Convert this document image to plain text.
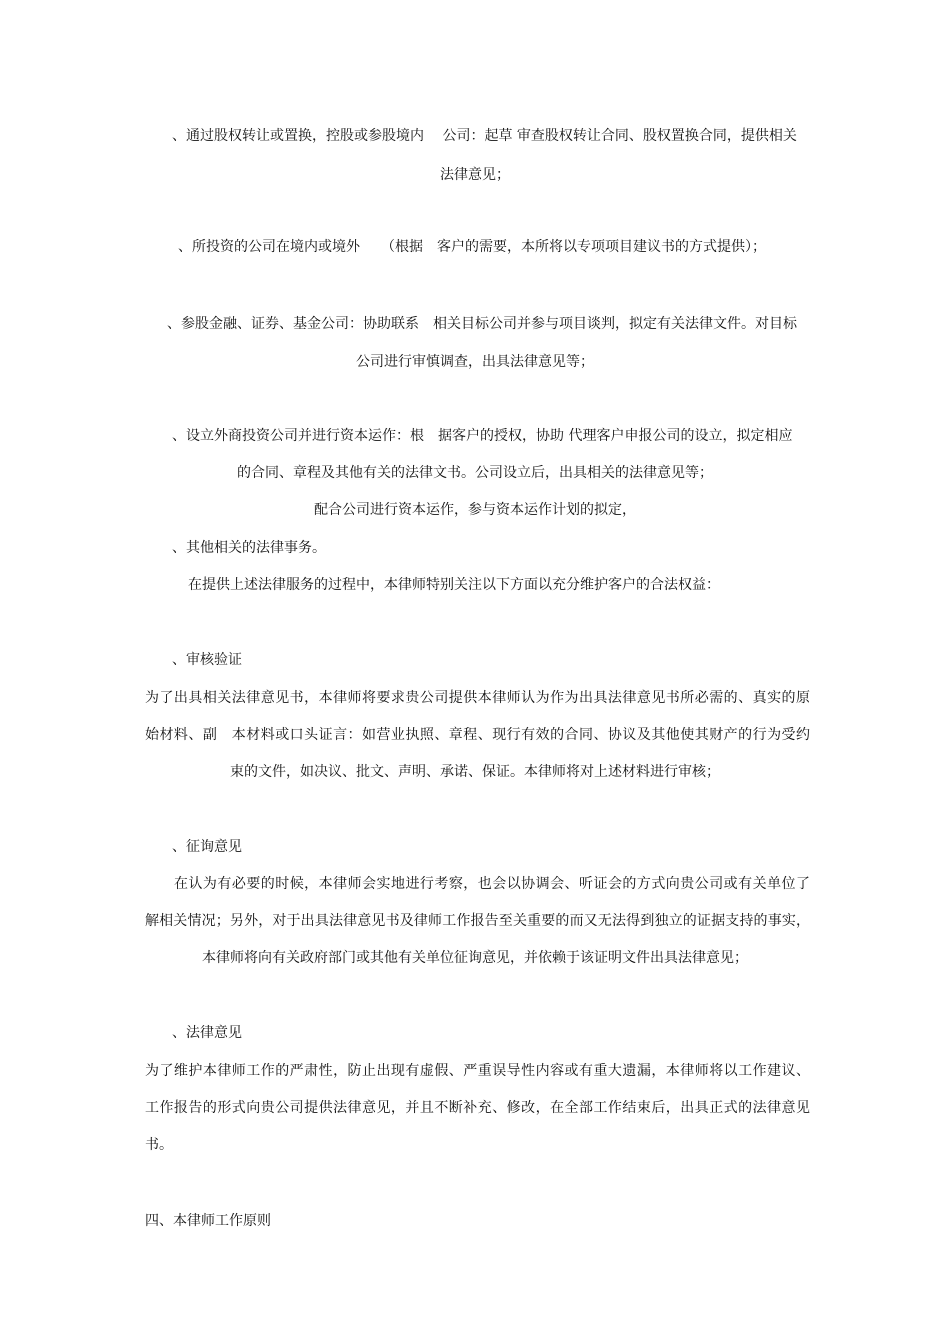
、通过股权转让或置换，控股或参股境内　 公司：起草 审查股权转让合同、股权置换合同，提供相关
法律意见；
、所投资的公司在境内或境外　　（根据　客户的需要，本所将以专项项目建议书的方式提供）；
、参股金融、证券、基金公司：协助联系　相关目标公司并参与项目谈判，拟定有关法律文件。对目标
公司进行审慎调查，出具法律意见等；
、设立外商投资公司并进行资本运作：根　据客户的授权，协助 代理客户申报公司的设立，拟定相应
的合同、章程及其他有关的法律文书。公司设立后，出具相关的法律意见等；
配合公司进行资本运作，参与资本运作计划的拟定，
、其他相关的法律事务。
在提供上述法律服务的过程中，本律师特别关注以下方面以充分维护客户的合法权益：
、审核验证
为了出具相关法律意见书，本律师将要求贵公司提供本律师认为作为出具法律意见书所必需的、真实的原
始材料、副　本材料或口头证言：如营业执照、章程、现行有效的合同、协议及其他使其财产的行为受约
束的文件，如决议、批文、声明、承诺、保证。本律师将对上述材料进行审核；
、征询意见
在认为有必要的时候，本律师会实地进行考察，也会以协调会、听证会的方式向贵公司或有关单位了
解相关情况；另外，对于出具法律意见书及律师工作报告至关重要的而又无法得到独立的证据支持的事实，
本律师将向有关政府部门或其他有关单位征询意见，并依赖于该证明文件出具法律意见；
、法律意见
为了维护本律师工作的严肃性，防止出现有虚假、严重误导性内容或有重大遗漏，本律师将以工作建议、
工作报告的形式向贵公司提供法律意见，并且不断补充、修改，在全部工作结束后，出具正式的法律意见
书。
四、本律师工作原则
